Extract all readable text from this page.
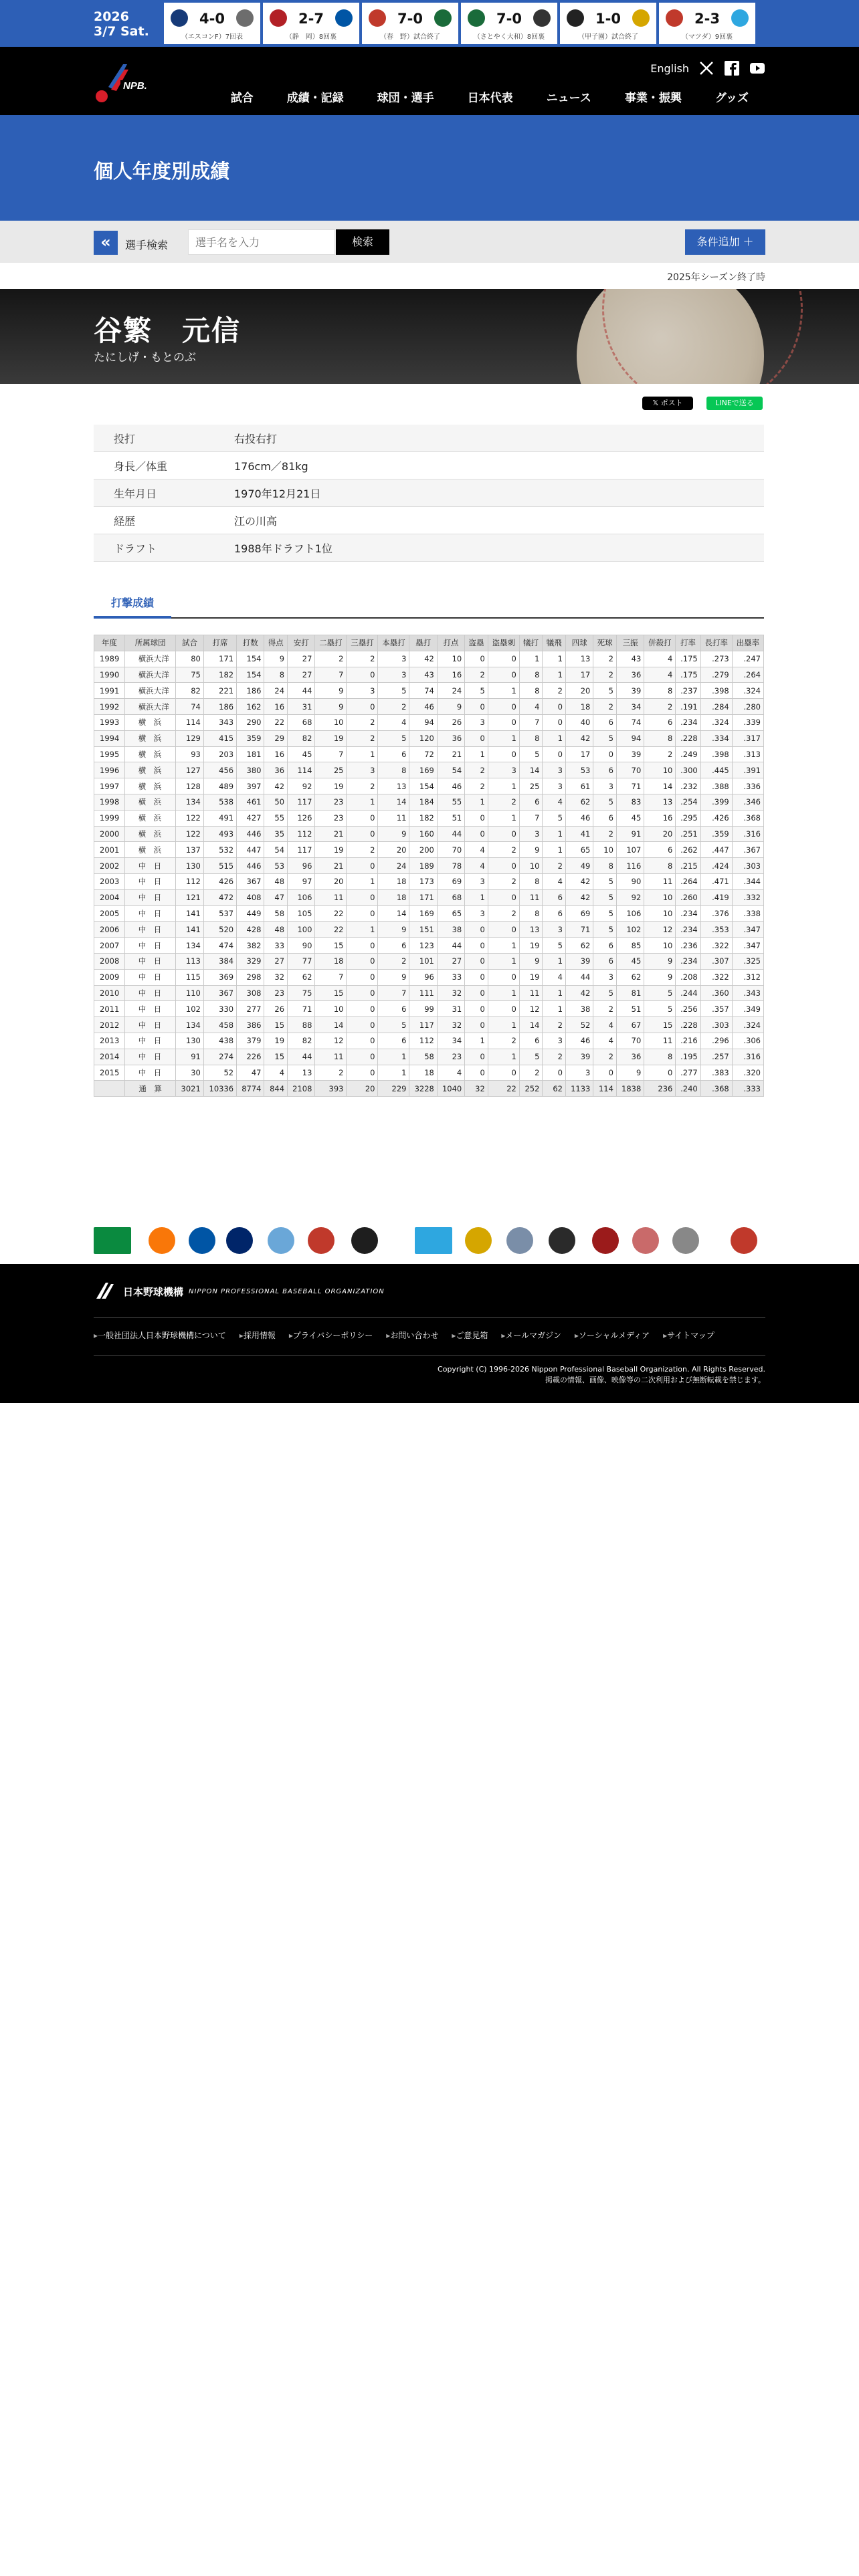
2026
3/7 Sat.
4-0
（エスコンF）7回表
2-7
（静　岡）8回裏
7-0
（春　野）試合終了
7-0
（さとやく大和）8回裏
1-0
（甲子園）試合終了
2-3
（マツダ）9回裏
NPB.
English
試合	成績・記録	球団・選手	日本代表	ニュース	事業・振興	グッズ
個人年度別成績
«	選手検索
選手名を入力	検索	条件追加 ＋
2025年シーズン終了時
谷繁　元信
たにしげ・もとのぶ
𝕏 ポスト	LINEで送る
投打	右投右打
身長／体重	176cm／81kg
生年月日	1970年12月21日
経歴	江の川高
ドラフト	1988年ドラフト1位
打撃成績
年度	所属球団	試合	打席	打数	得点	安打	二塁打	三塁打	本塁打	塁打	打点	盗塁	盗塁刺	犠打	犠飛	四球	死球	三振	併殺打	打率	長打率	出塁率
1989	横浜大洋	80	171	154	9	27	2	2	3	42	10	0	0	1	1	13	2	43	4	.175	.273	.247
1990	横浜大洋	75	182	154	8	27	7	0	3	43	16	2	0	8	1	17	2	36	4	.175	.279	.264
1991	横浜大洋	82	221	186	24	44	9	3	5	74	24	5	1	8	2	20	5	39	8	.237	.398	.324
1992	横浜大洋	74	186	162	16	31	9	0	2	46	9	0	0	4	0	18	2	34	2	.191	.284	.280
1993	横　浜	114	343	290	22	68	10	2	4	94	26	3	0	7	0	40	6	74	6	.234	.324	.339
1994	横　浜	129	415	359	29	82	19	2	5	120	36	0	1	8	1	42	5	94	8	.228	.334	.317
1995	横　浜	93	203	181	16	45	7	1	6	72	21	1	0	5	0	17	0	39	2	.249	.398	.313
1996	横　浜	127	456	380	36	114	25	3	8	169	54	2	3	14	3	53	6	70	10	.300	.445	.391
1997	横　浜	128	489	397	42	92	19	2	13	154	46	2	1	25	3	61	3	71	14	.232	.388	.336
1998	横　浜	134	538	461	50	117	23	1	14	184	55	1	2	6	4	62	5	83	13	.254	.399	.346
1999	横　浜	122	491	427	55	126	23	0	11	182	51	0	1	7	5	46	6	45	16	.295	.426	.368
2000	横　浜	122	493	446	35	112	21	0	9	160	44	0	0	3	1	41	2	91	20	.251	.359	.316
2001	横　浜	137	532	447	54	117	19	2	20	200	70	4	2	9	1	65	10	107	6	.262	.447	.367
2002	中　日	130	515	446	53	96	21	0	24	189	78	4	0	10	2	49	8	116	8	.215	.424	.303
2003	中　日	112	426	367	48	97	20	1	18	173	69	3	2	8	4	42	5	90	11	.264	.471	.344
2004	中　日	121	472	408	47	106	11	0	18	171	68	1	0	11	6	42	5	92	10	.260	.419	.332
2005	中　日	141	537	449	58	105	22	0	14	169	65	3	2	8	6	69	5	106	10	.234	.376	.338
2006	中　日	141	520	428	48	100	22	1	9	151	38	0	0	13	3	71	5	102	12	.234	.353	.347
2007	中　日	134	474	382	33	90	15	0	6	123	44	0	1	19	5	62	6	85	10	.236	.322	.347
2008	中　日	113	384	329	27	77	18	0	2	101	27	0	1	9	1	39	6	45	9	.234	.307	.325
2009	中　日	115	369	298	32	62	7	0	9	96	33	0	0	19	4	44	3	62	9	.208	.322	.312
2010	中　日	110	367	308	23	75	15	0	7	111	32	0	1	11	1	42	5	81	5	.244	.360	.343
2011	中　日	102	330	277	26	71	10	0	6	99	31	0	0	12	1	38	2	51	5	.256	.357	.349
2012	中　日	134	458	386	15	88	14	0	5	117	32	0	1	14	2	52	4	67	15	.228	.303	.324
2013	中　日	130	438	379	19	82	12	0	6	112	34	1	2	6	3	46	4	70	11	.216	.296	.306
2014	中　日	91	274	226	15	44	11	0	1	58	23	0	1	5	2	39	2	36	8	.195	.257	.316
2015	中　日	30	52	47	4	13	2	0	1	18	4	0	0	2	0	3	0	9	0	.277	.383	.320
	通　算	3021	10336	8774	844	2108	393	20	229	3228	1040	32	22	252	62	1133	114	1838	236	.240	.368	.333
日本野球機構 NIPPON PROFESSIONAL BASEBALL ORGANIZATION
▸ 一般社団法人日本野球機構について	▸ 採用情報	▸ プライバシーポリシー	▸ お問い合わせ	▸ ご意見箱	▸ メールマガジン	▸ ソーシャルメディア	▸ サイトマップ
Copyright (C) 1996-2026 Nippon Professional Baseball Organization. All Rights Reserved.
掲載の情報、画像、映像等の二次利用および無断転載を禁じます。
